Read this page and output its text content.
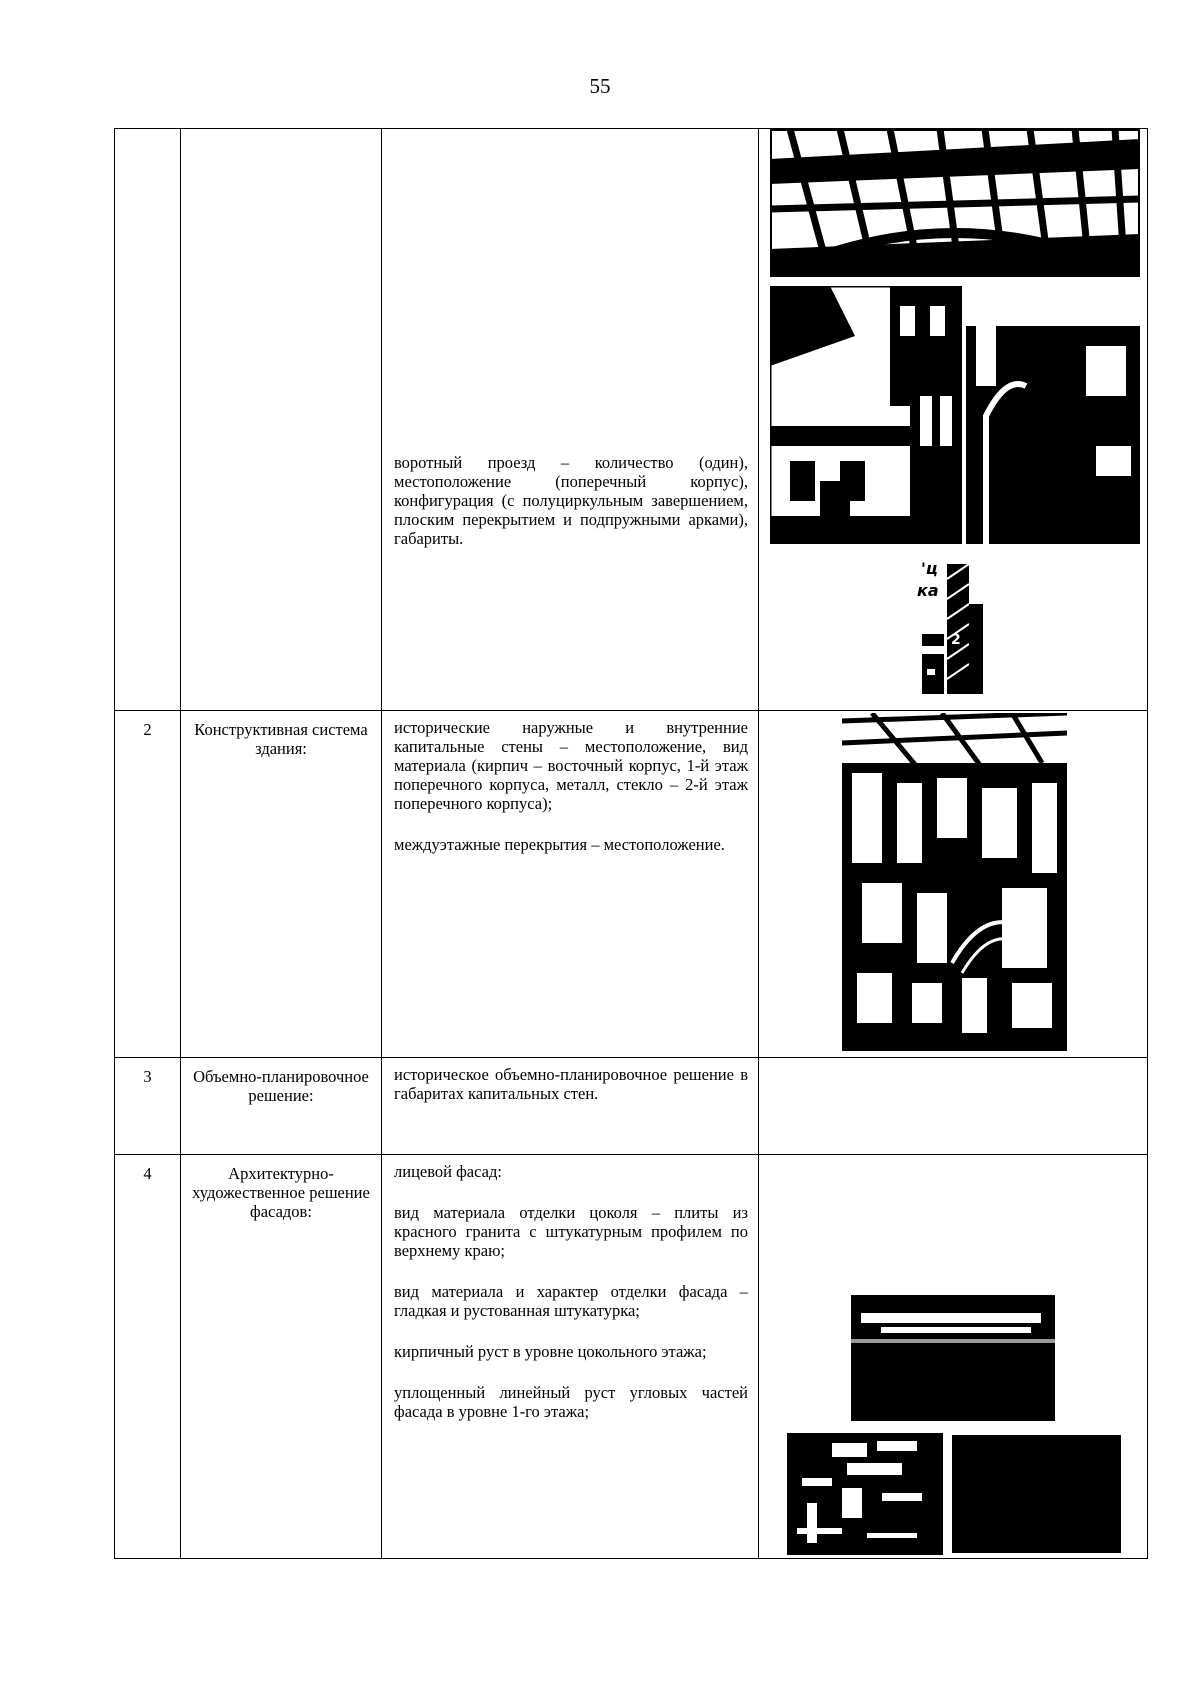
55

		воротный проезд – количество (один), местоположение (поперечный корпус), конфигурация (с полуциркульным завершением, плоским перекрытием и подпружными арками), габариты.	'ц
ка
2

2	Конструктивная система здания:	исторические наружные и внутренние капитальные стены – местоположение, вид материала (кирпич – восточный корпус, 1-й этаж поперечного корпуса, металл, стекло – 2-й этаж поперечного корпуса);

междуэтажные перекрытия – местоположение.

3	Объемно-планировочное решение:	историческое объемно-планировочное решение в габаритах капитальных стен.	

4	Архитектурно-художественное решение фасадов:	лицевой фасад:

вид материала отделки цоколя – плиты из красного гранита с штукатурным профилем по верхнему краю;

вид материала и характер отделки фасада – гладкая и рустованная штукатурка;

кирпичный руст в уровне цокольного этажа;

уплощенный линейный руст угловых частей фасада в уровне 1-го этажа;
